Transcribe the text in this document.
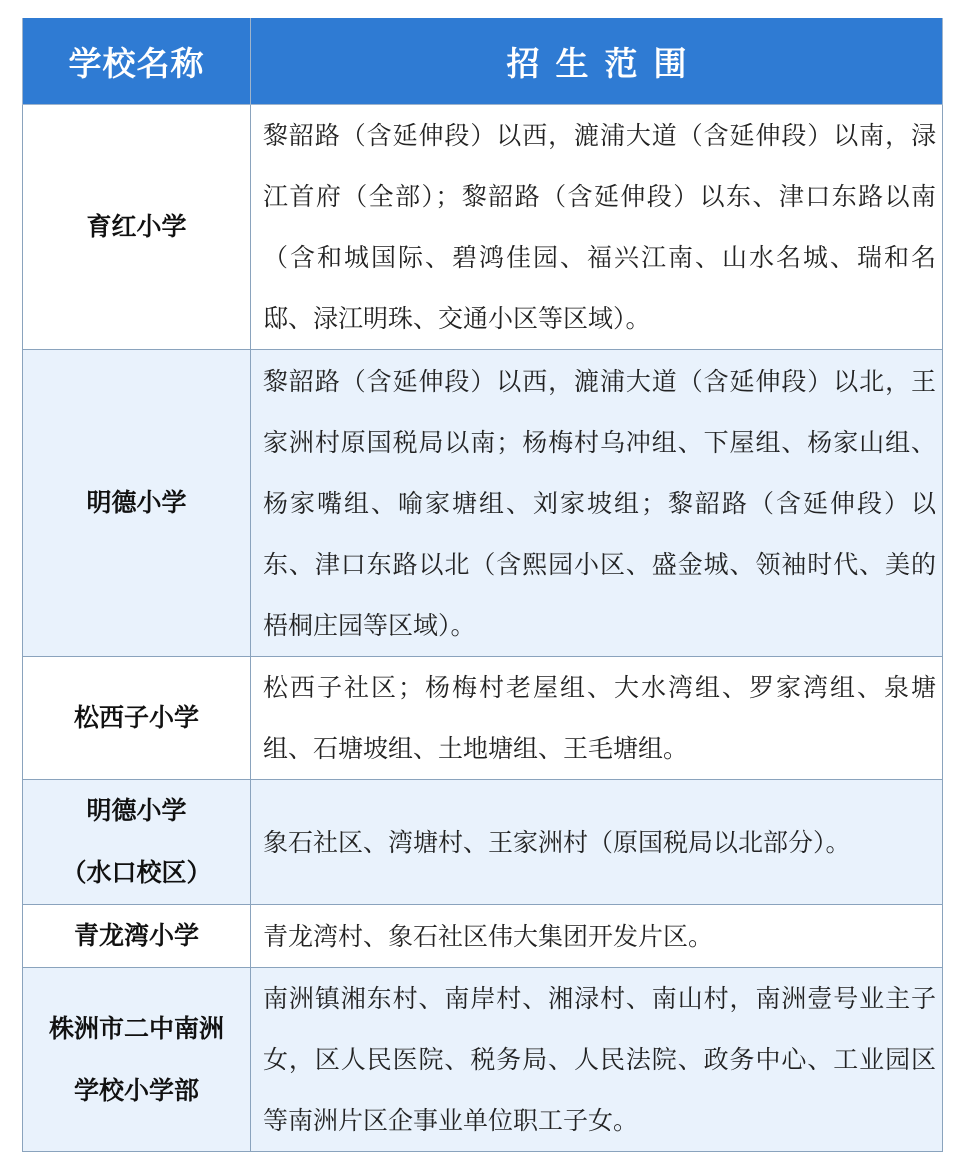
学校名称	招生范围

育红小学	黎韶路（含延伸段）以西，漉浦大道（含延伸段）以南，渌江首府（全部）；黎韶路（含延伸段）以东、津口东路以南（含和城国际、碧鸿佳园、福兴江南、山水名城、瑞和名邸、渌江明珠、交通小区等区域）。

明德小学	黎韶路（含延伸段）以西，漉浦大道（含延伸段）以北，王家洲村原国税局以南；杨梅村乌冲组、下屋组、杨家山组、杨家嘴组、喻家塘组、刘家坡组；黎韶路（含延伸段）以东、津口东路以北（含熙园小区、盛金城、领袖时代、美的梧桐庄园等区域）。

松西子小学	松西子社区；杨梅村老屋组、大水湾组、罗家湾组、泉塘组、石塘坡组、土地塘组、王毛塘组。

明德小学
（水口校区）	象石社区、湾塘村、王家洲村（原国税局以北部分）。

青龙湾小学	青龙湾村、象石社区伟大集团开发片区。

株洲市二中南洲
学校小学部	南洲镇湘东村、南岸村、湘渌村、南山村，南洲壹号业主子女，区人民医院、税务局、人民法院、政务中心、工业园区等南洲片区企事业单位职工子女。
